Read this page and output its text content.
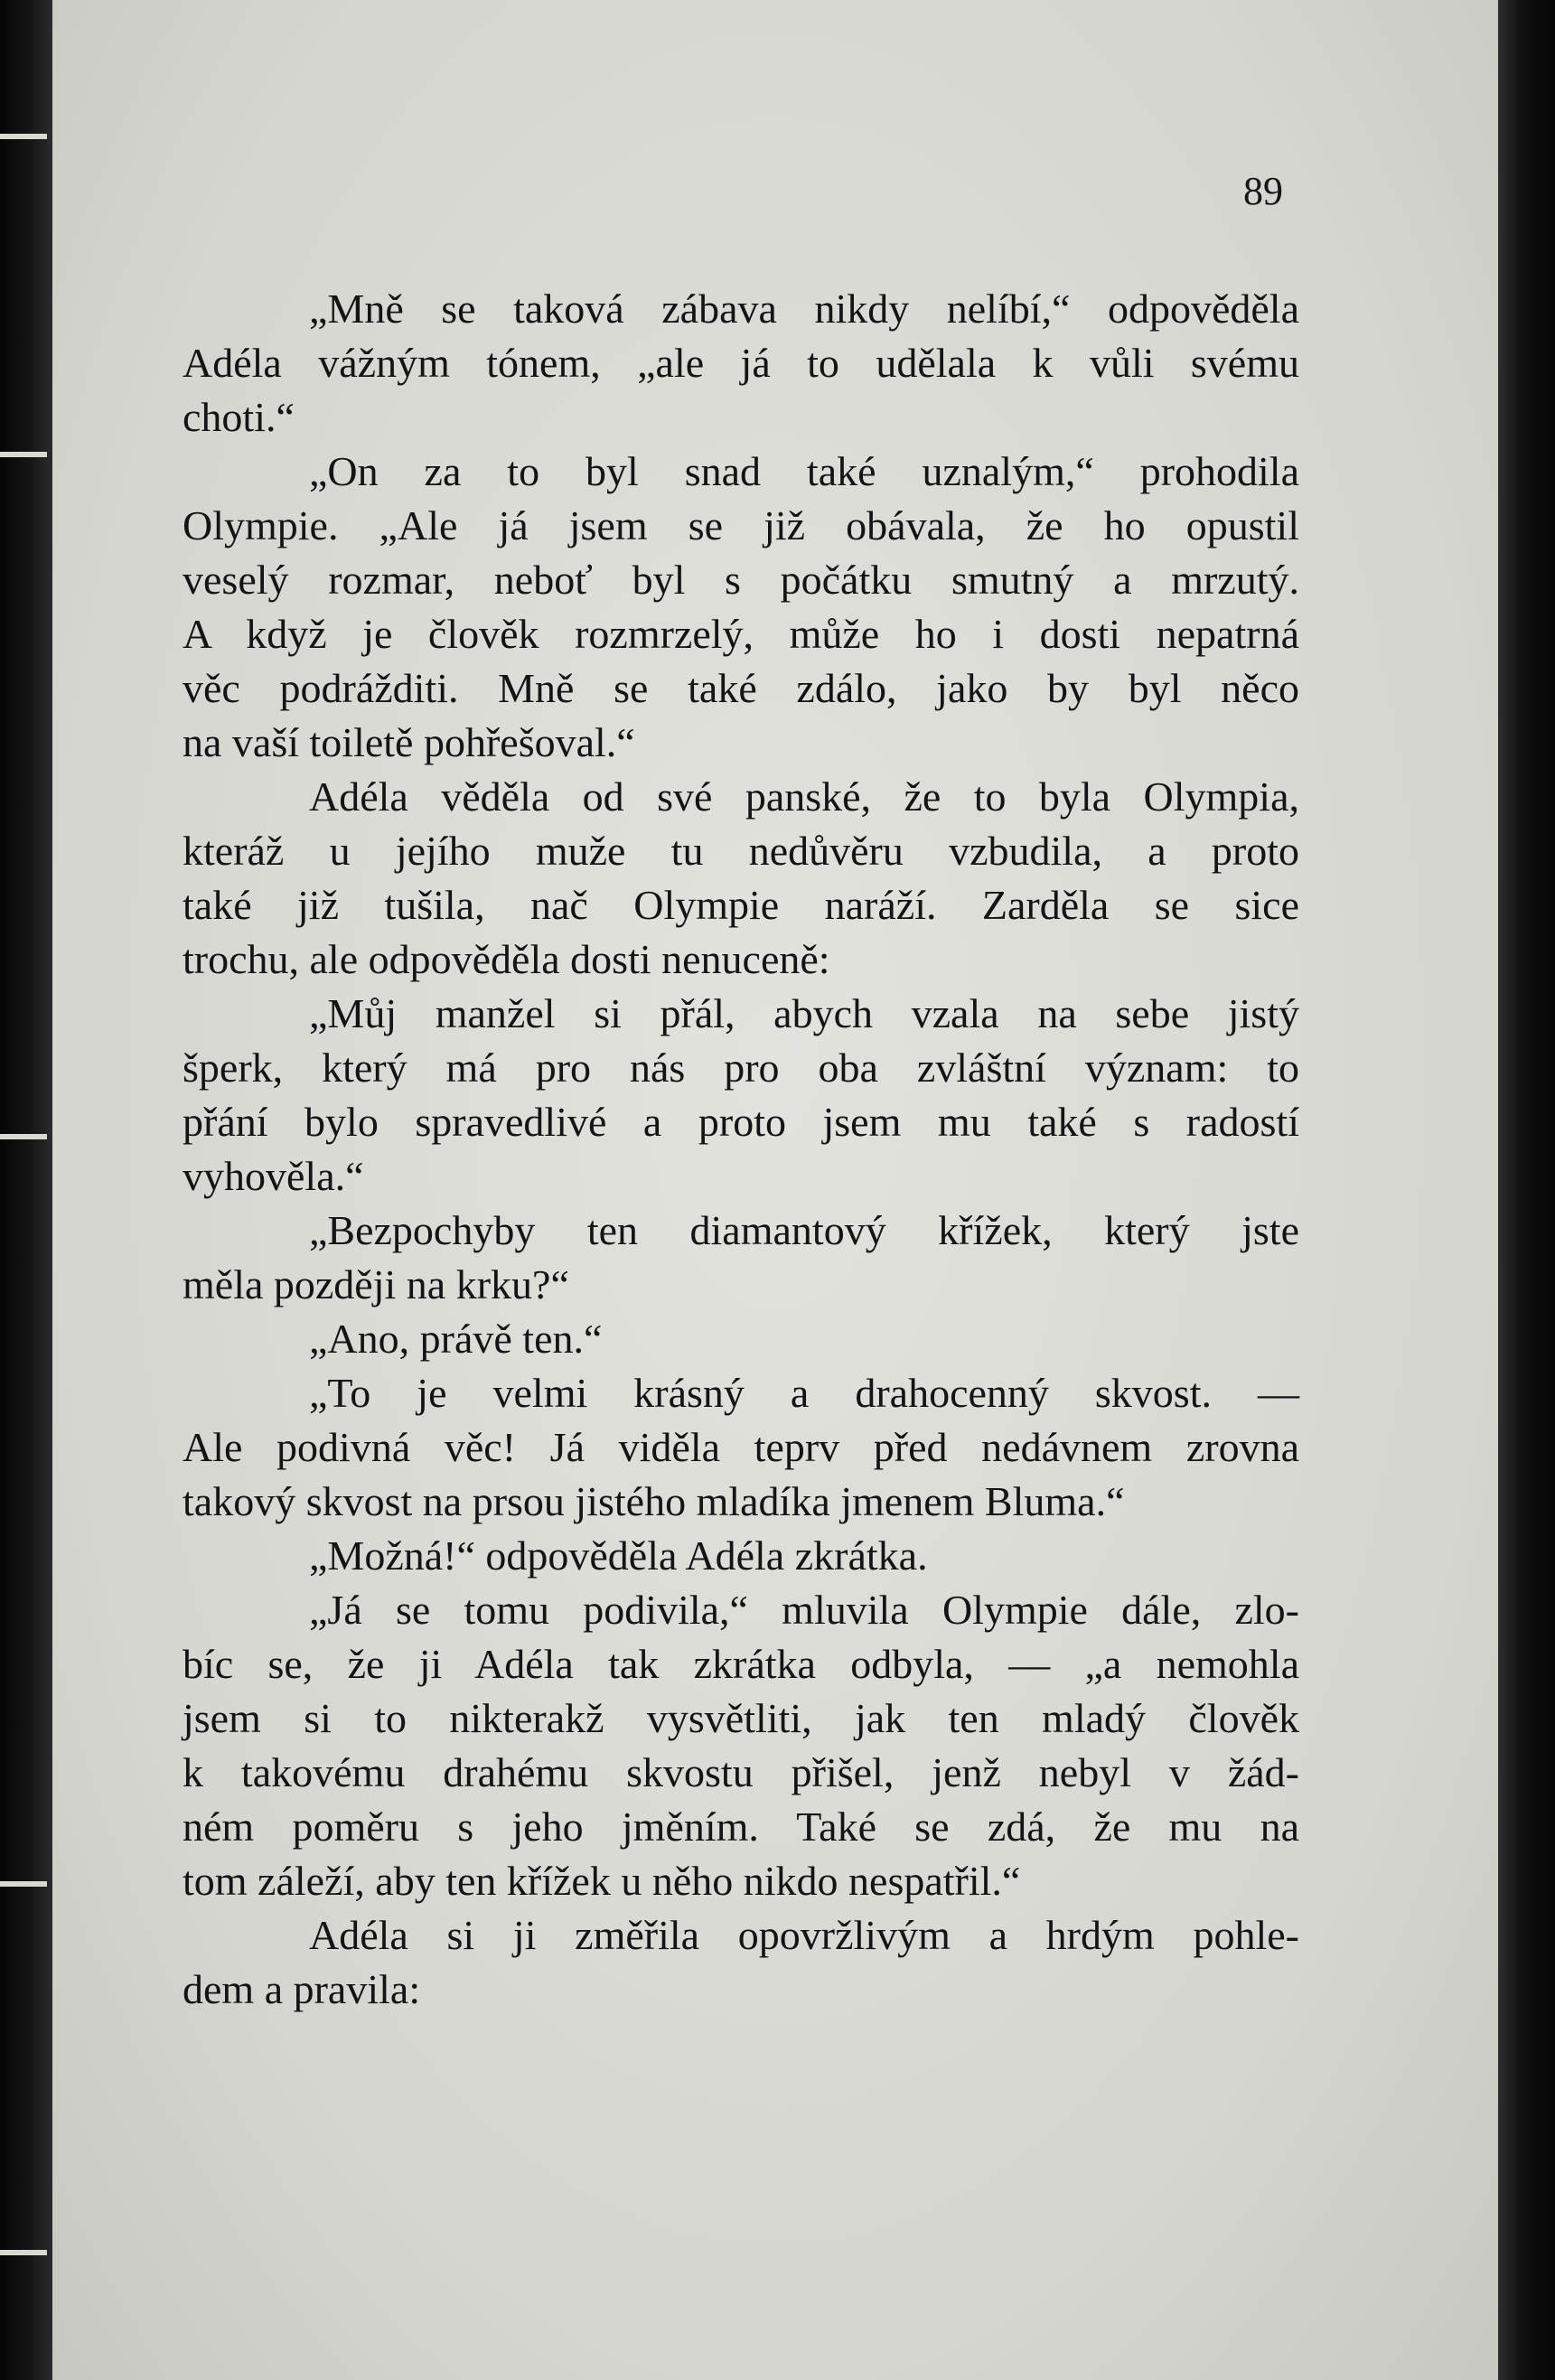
89
„Mně se taková zábava nikdy nelíbí,“ odpověděla
Adéla vážným tónem, „ale já to udělala k vůli svému
choti.“
„On za to byl snad také uznalým,“ prohodila
Olympie. „Ale já jsem se již obávala, že ho opustil
veselý rozmar, neboť byl s počátku smutný a mrzutý.
A když je člověk rozmrzelý, může ho i dosti nepatrná
věc podrážditi. Mně se také zdálo, jako by byl něco
na vaší toiletě pohřešoval.“
Adéla věděla od své panské, že to byla Olympia,
kteráž u jejího muže tu nedůvěru vzbudila, a proto
také již tušila, nač Olympie naráží. Zarděla se sice
trochu, ale odpověděla dosti nenuceně:
„Můj manžel si přál, abych vzala na sebe jistý
šperk, který má pro nás pro oba zvláštní význam: to
přání bylo spravedlivé a proto jsem mu také s radostí
vyhověla.“
„Bezpochyby ten diamantový křížek, který jste
měla později na krku?“
„Ano, právě ten.“
„To je velmi krásný a drahocenný skvost. —
Ale podivná věc! Já viděla teprv před nedávnem zrovna
takový skvost na prsou jistého mladíka jmenem Bluma.“
„Možná!“ odpověděla Adéla zkrátka.
„Já se tomu podivila,“ mluvila Olympie dále, zlo-
bíc se, že ji Adéla tak zkrátka odbyla, — „a nemohla
jsem si to nikterakž vysvětliti, jak ten mladý člověk
k takovému drahému skvostu přišel, jenž nebyl v žád-
ném poměru s jeho jměním. Také se zdá, že mu na
tom záleží, aby ten křížek u něho nikdo nespatřil.“
Adéla si ji změřila opovržlivým a hrdým pohle-
dem a pravila:
